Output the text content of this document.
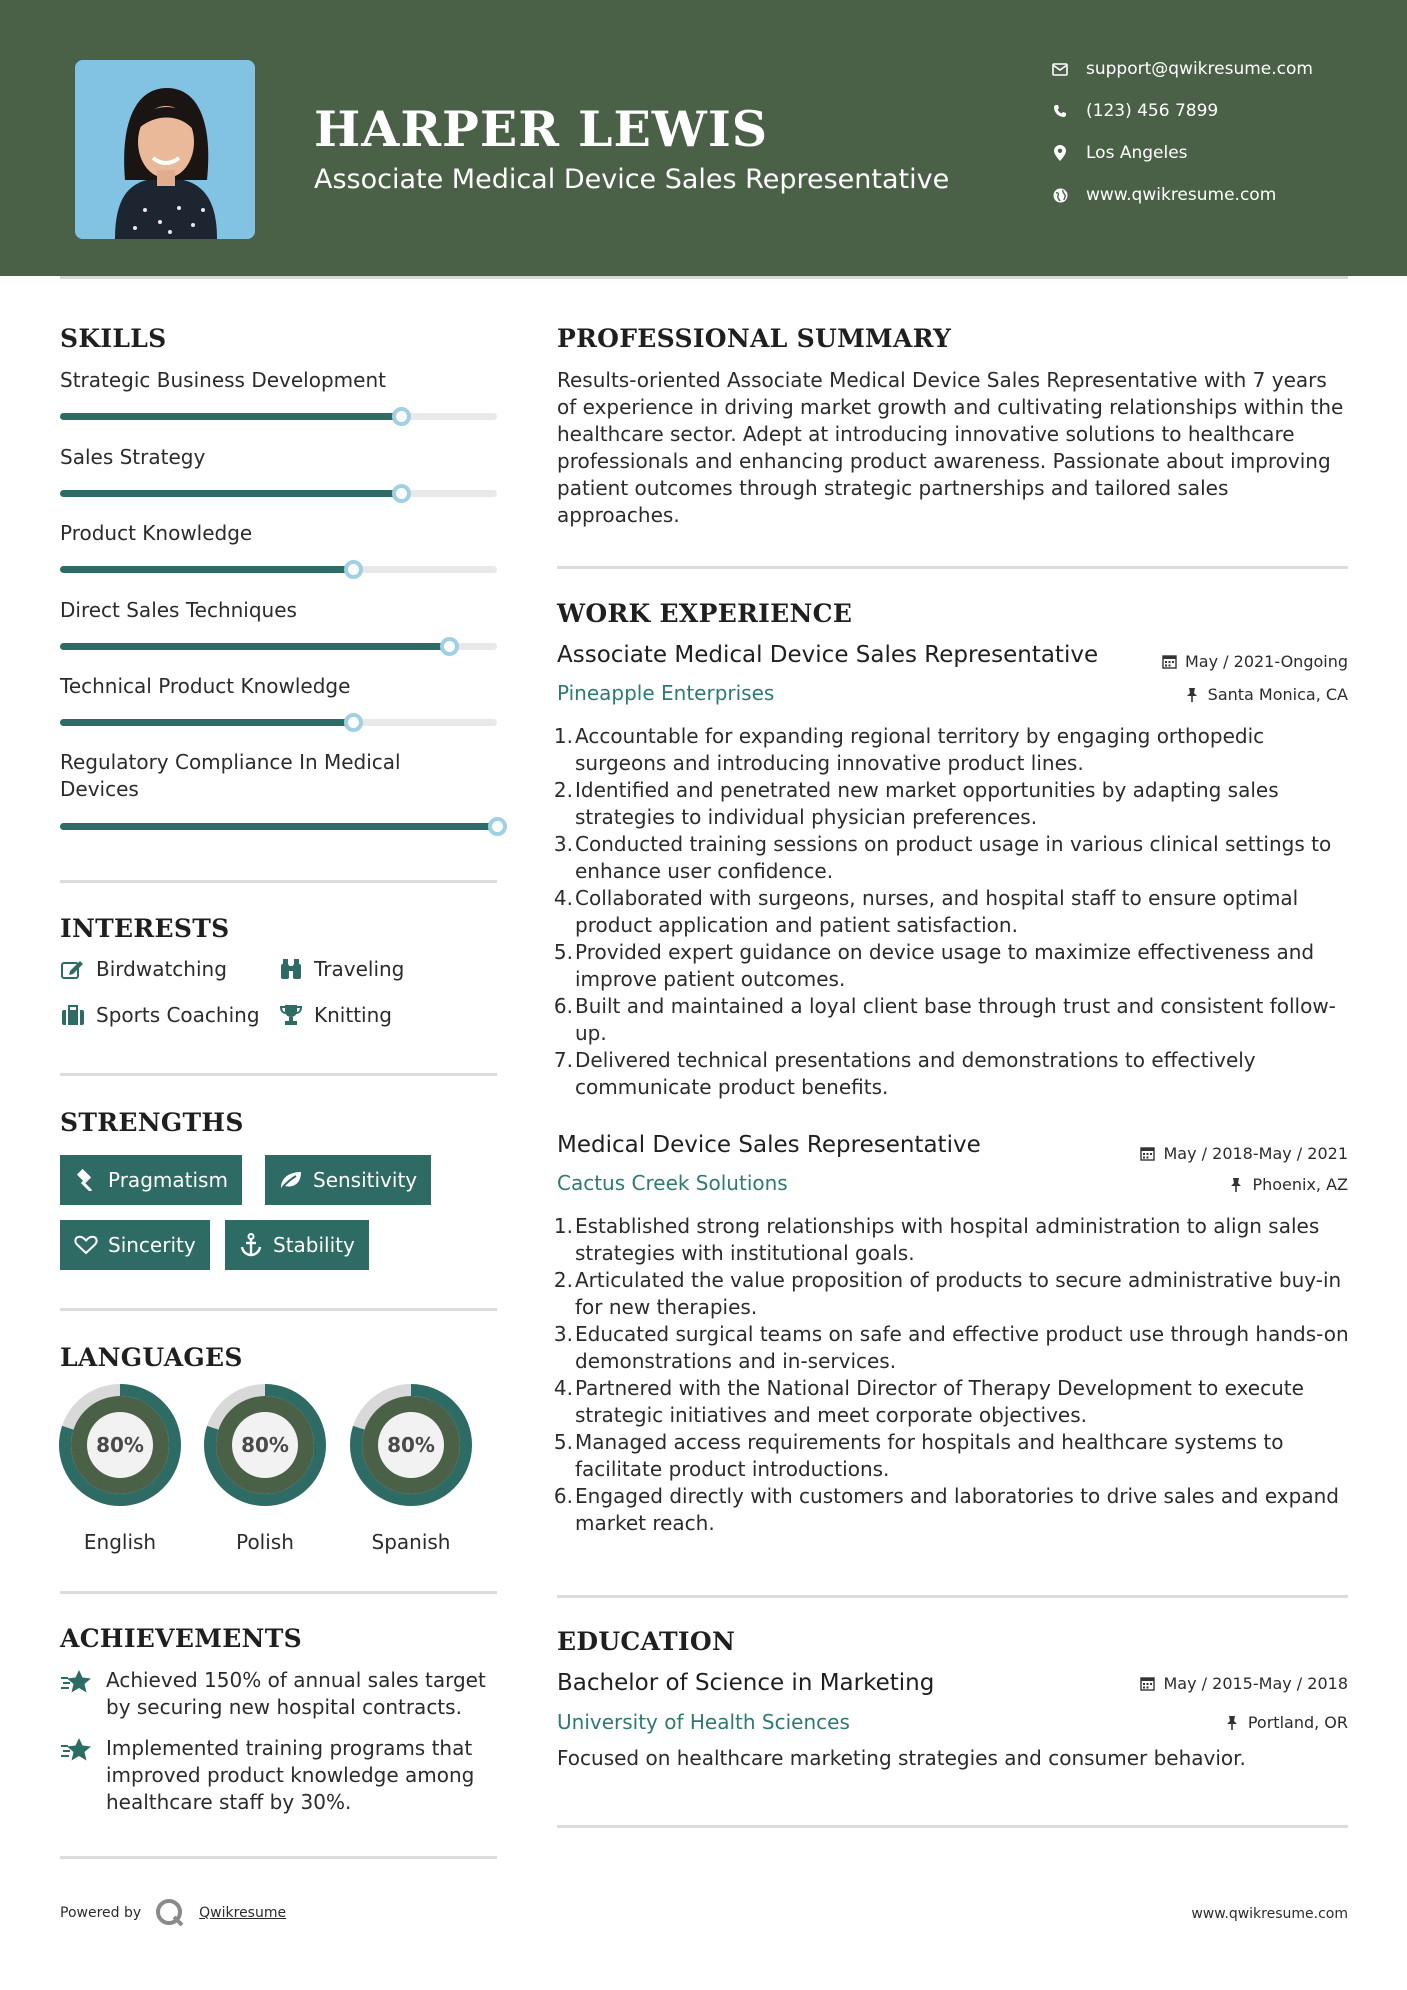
HARPER LEWIS
Associate Medical Device Sales Representative
support@qwikresume.com
(123) 456 7899
Los Angeles
www.qwikresume.com
SKILLS
Strategic Business Development
Sales Strategy
Product Knowledge
Direct Sales Techniques
Technical Product Knowledge
Regulatory Compliance In Medical Devices
INTERESTS
Birdwatching	Traveling
Sports Coaching	Knitting
STRENGTHS
Pragmatism	Sensitivity
Sincerity	Stability
LANGUAGES
80%
English
80%
Polish
80%
Spanish
ACHIEVEMENTS
Achieved 150% of annual sales target by securing new hospital contracts.
Implemented training programs that improved product knowledge among healthcare staff by 30%.
PROFESSIONAL SUMMARY
Results-oriented Associate Medical Device Sales Representative with 7 years of experience in driving market growth and cultivating relationships within the healthcare sector. Adept at introducing innovative solutions to healthcare professionals and enhancing product awareness. Passionate about improving patient outcomes through strategic partnerships and tailored sales approaches.
WORK EXPERIENCE
Associate Medical Device Sales Representative	May / 2021-Ongoing
Pineapple Enterprises	Santa Monica, CA
1. Accountable for expanding regional territory by engaging orthopedic surgeons and introducing innovative product lines.
2. Identified and penetrated new market opportunities by adapting sales strategies to individual physician preferences.
3. Conducted training sessions on product usage in various clinical settings to enhance user confidence.
4. Collaborated with surgeons, nurses, and hospital staff to ensure optimal product application and patient satisfaction.
5. Provided expert guidance on device usage to maximize effectiveness and improve patient outcomes.
6. Built and maintained a loyal client base through trust and consistent follow-up.
7. Delivered technical presentations and demonstrations to effectively communicate product benefits.
Medical Device Sales Representative	May / 2018-May / 2021
Cactus Creek Solutions	Phoenix, AZ
1. Established strong relationships with hospital administration to align sales strategies with institutional goals.
2. Articulated the value proposition of products to secure administrative buy-in for new therapies.
3. Educated surgical teams on safe and effective product use through hands-on demonstrations and in-services.
4. Partnered with the National Director of Therapy Development to execute strategic initiatives and meet corporate objectives.
5. Managed access requirements for hospitals and healthcare systems to facilitate product introductions.
6. Engaged directly with customers and laboratories to drive sales and expand market reach.
EDUCATION
Bachelor of Science in Marketing	May / 2015-May / 2018
University of Health Sciences	Portland, OR
Focused on healthcare marketing strategies and consumer behavior.
Powered by	Qwikresume	www.qwikresume.com
